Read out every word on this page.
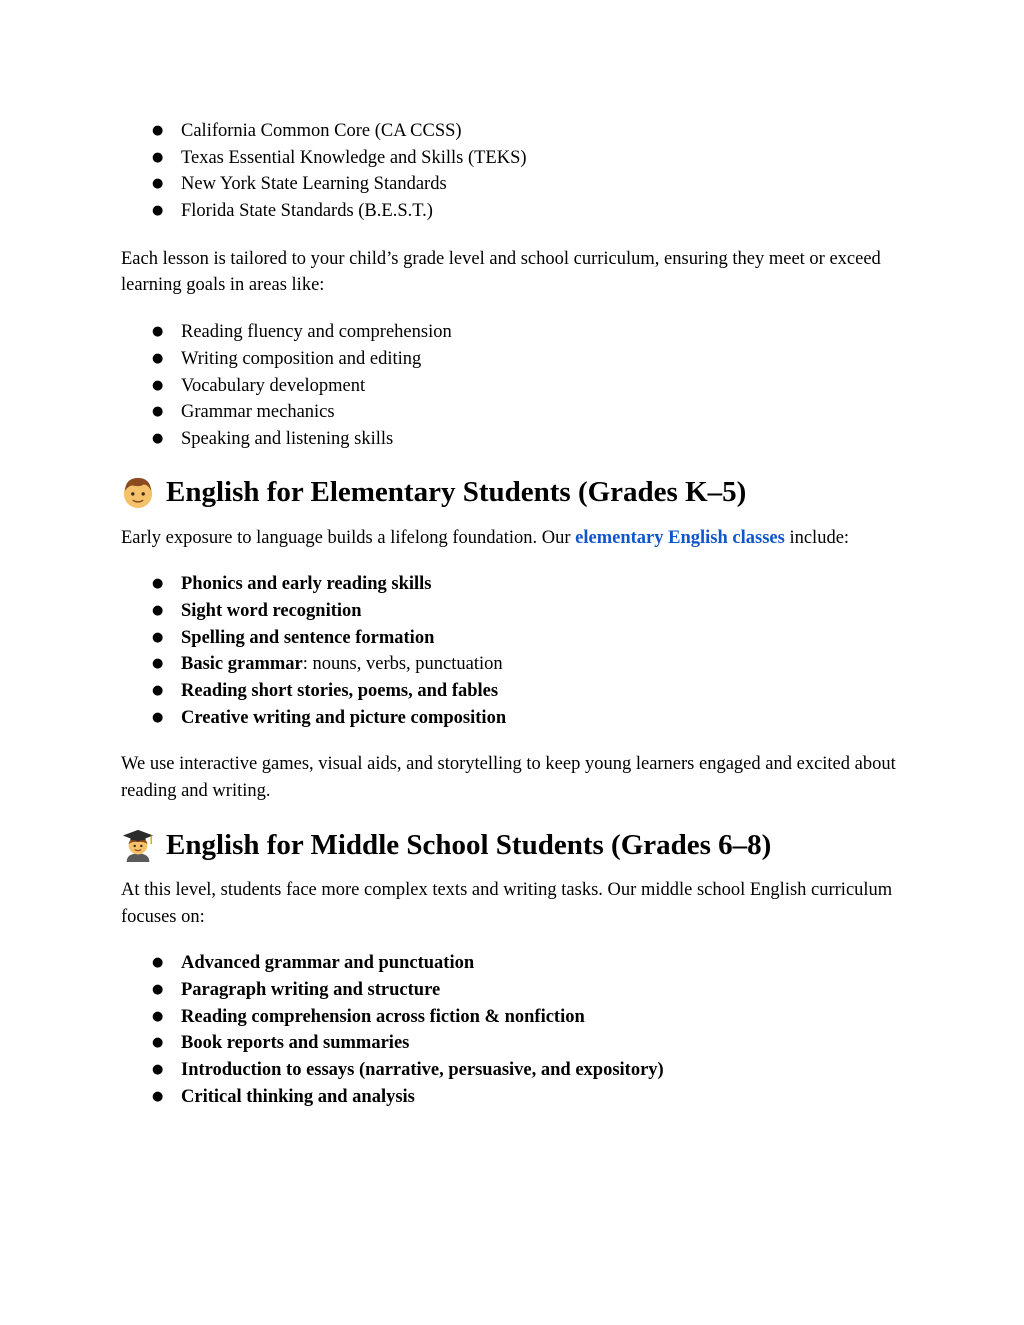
● California Common Core (CA CCSS)
● Texas Essential Knowledge and Skills (TEKS)
● New York State Learning Standards
● Florida State Standards (B.E.S.T.)

Each lesson is tailored to your child’s grade level and school curriculum, ensuring they meet or exceed learning goals in areas like:

● Reading fluency and comprehension
● Writing composition and editing
● Vocabulary development
● Grammar mechanics
● Speaking and listening skills
English for Elementary Students (Grades K–5)

Early exposure to language builds a lifelong foundation. Our elementary English classes include:

● Phonics and early reading skills
● Sight word recognition
● Spelling and sentence formation
● Basic grammar: nouns, verbs, punctuation
● Reading short stories, poems, and fables
● Creative writing and picture composition

We use interactive games, visual aids, and storytelling to keep young learners engaged and excited about reading and writing.

English for Middle School Students (Grades 6–8)

At this level, students face more complex texts and writing tasks. Our middle school English curriculum focuses on:

● Advanced grammar and punctuation
● Paragraph writing and structure
● Reading comprehension across fiction & nonfiction
● Book reports and summaries
● Introduction to essays (narrative, persuasive, and expository)
● Critical thinking and analysis
